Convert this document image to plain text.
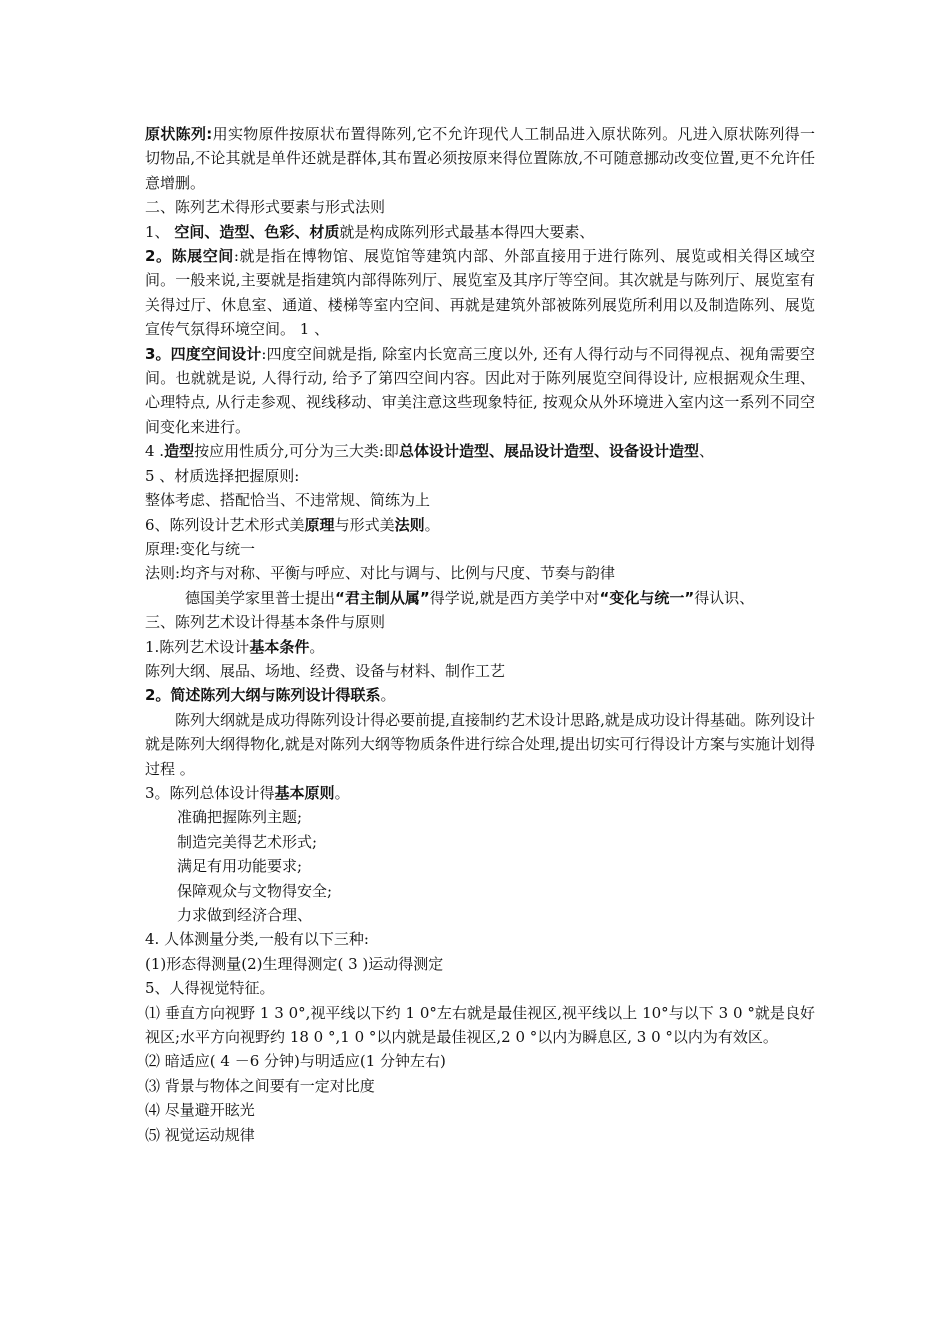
原状陈列:用实物原件按原状布置得陈列,它不允许现代人工制品进入原状陈列。凡进入原状陈列得一切物品,不论其就是单件还就是群体,其布置必须按原来得位置陈放,不可随意挪动改变位置,更不允许任意增删。

二、陈列艺术得形式要素与形式法则

1、 空间、造型、色彩、材质就是构成陈列形式最基本得四大要素、

2。陈展空间:就是指在博物馆、展览馆等建筑内部、外部直接用于进行陈列、展览或相关得区域空间。一般来说,主要就是指建筑内部得陈列厅、展览室及其序厅等空间。其次就是与陈列厅、展览室有关得过厅、休息室、通道、楼梯等室内空间、再就是建筑外部被陈列展览所利用以及制造陈列、展览宣传气氛得环境空间。 1 、

3。四度空间设计:四度空间就是指, 除室内长宽高三度以外, 还有人得行动与不同得视点、视角需要空间。也就就是说, 人得行动, 给予了第四空间内容。因此对于陈列展览空间得设计, 应根据观众生理、心理特点, 从行走参观、视线移动、审美注意这些现象特征, 按观众从外环境进入室内这一系列不同空间变化来进行。

4 .造型按应用性质分,可分为三大类:即总体设计造型、展品设计造型、设备设计造型、

5 、材质选择把握原则:

整体考虑、搭配恰当、不违常规、简练为上

6、陈列设计艺术形式美原理与形式美法则。

原理:变化与统一

法则:均齐与对称、平衡与呼应、对比与调与、比例与尺度、节奏与韵律

德国美学家里普士提出“君主制从属”得学说,就是西方美学中对“变化与统一”得认识、

三、陈列艺术设计得基本条件与原则

1.陈列艺术设计基本条件。

陈列大纲、展品、场地、经费、设备与材料、制作工艺

2。简述陈列大纲与陈列设计得联系。

陈列大纲就是成功得陈列设计得必要前提,直接制约艺术设计思路,就是成功设计得基础。陈列设计就是陈列大纲得物化,就是对陈列大纲等物质条件进行综合处理,提出切实可行得设计方案与实施计划得过程 。

3。陈列总体设计得基本原则。

准确把握陈列主题;

制造完美得艺术形式;

满足有用功能要求;

保障观众与文物得安全;

力求做到经济合理、

4. 人体测量分类,一般有以下三种:

(1)形态得测量(2)生理得测定( 3 )运动得测定

5、人得视觉特征。

⑴ 垂直方向视野 1 3 0°,视平线以下约 1 0°左右就是最佳视区,视平线以上 10°与以下 3 0 °就是良好视区;水平方向视野约 18 0 °,1 0 °以内就是最佳视区,2 0 °以内为瞬息区, 3 0 °以内为有效区。

⑵ 暗适应( 4 －6 分钟)与明适应(1 分钟左右)

⑶ 背景与物体之间要有一定对比度

⑷ 尽量避开眩光

⑸ 视觉运动规律
